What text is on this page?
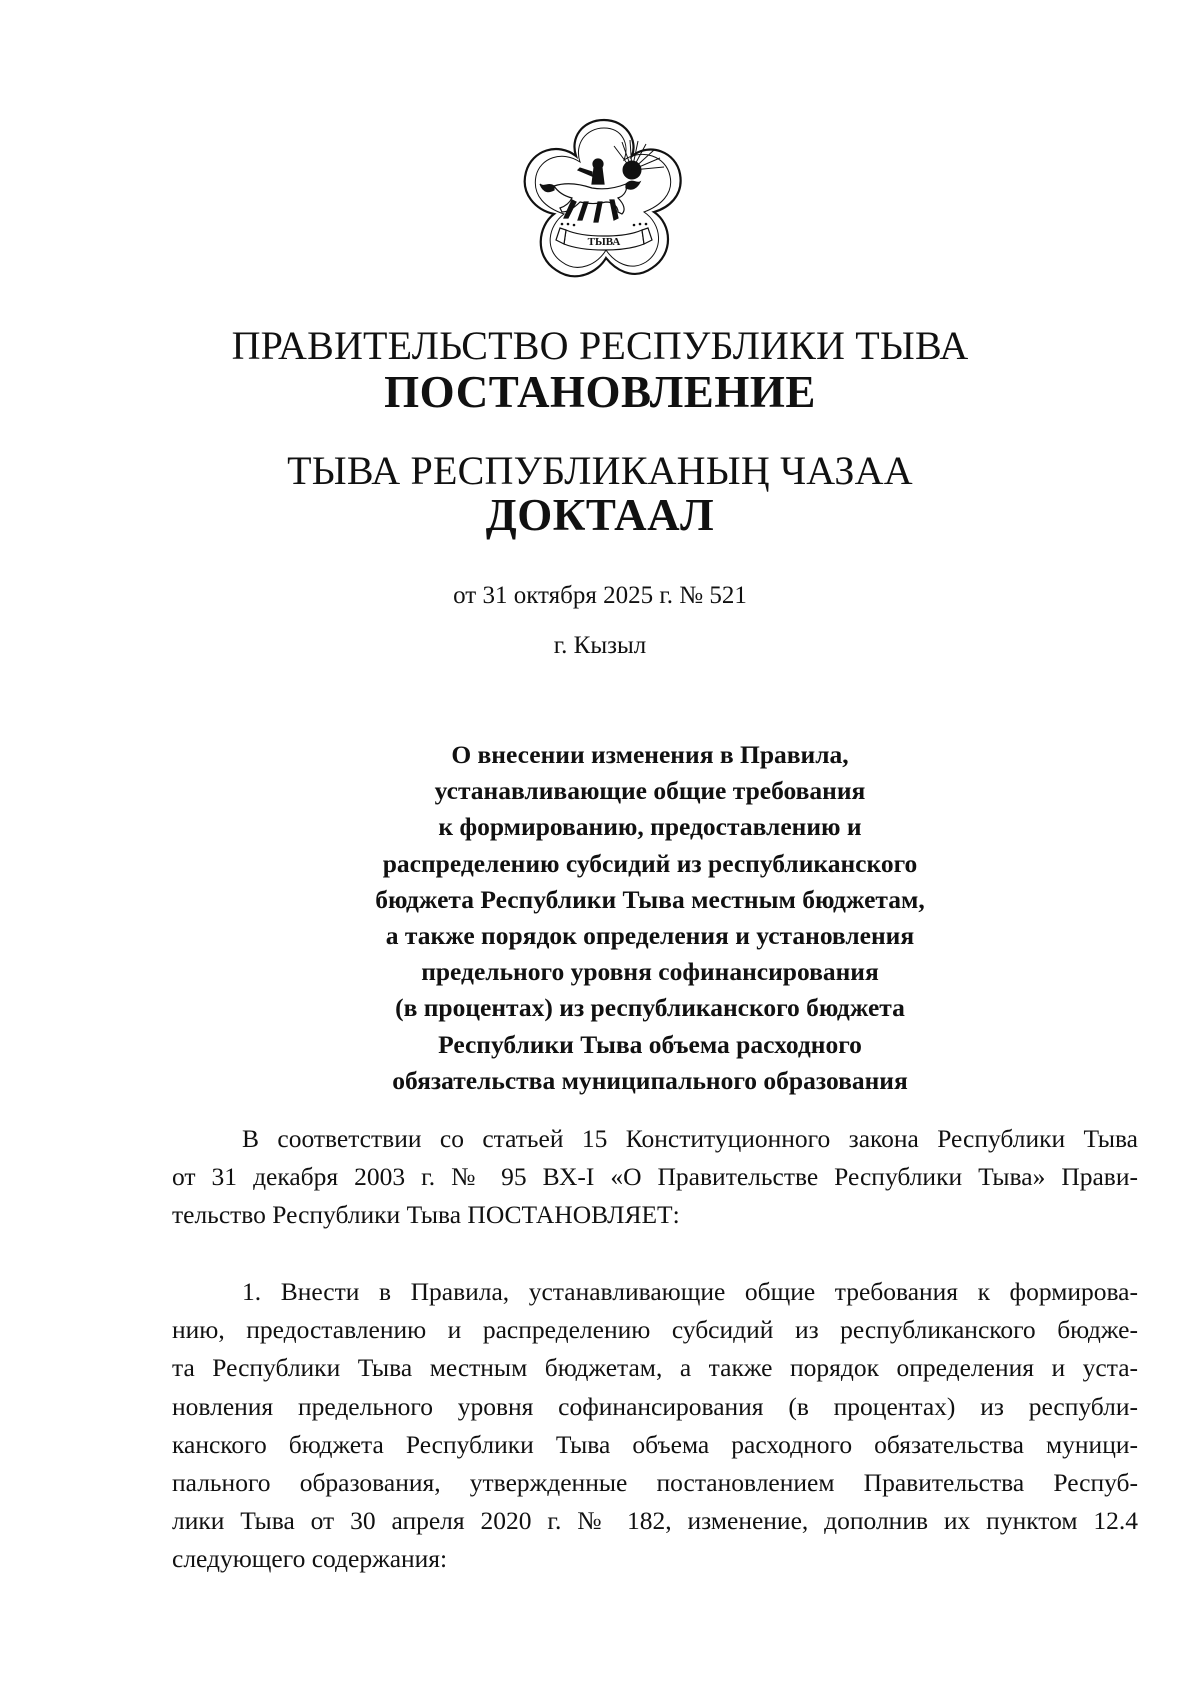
ТЫВА
ПРАВИТЕЛЬСТВО РЕСПУБЛИКИ ТЫВА
ПОСТАНОВЛЕНИЕ
ТЫВА РЕСПУБЛИКАНЫҢ ЧАЗАА
ДОКТААЛ
от 31 октября 2025 г. № 521
г. Кызыл
О внесении изменения в Правила,
устанавливающие общие требования
к формированию, предоставлению и
распределению субсидий из республиканского
бюджета Республики Тыва местным бюджетам,
а также порядок определения и установления
предельного уровня софинансирования
(в процентах) из республиканского бюджета
Республики Тыва объема расходного
обязательства муниципального образования
В соответствии со статьей 15 Конституционного закона Республики Тыва
от 31 декабря 2003 г. № 95 ВХ-I «О Правительстве Республики Тыва» Прави-
тельство Республики Тыва ПОСТАНОВЛЯЕТ:
1. Внести в Правила, устанавливающие общие требования к формирова-
нию, предоставлению и распределению субсидий из республиканского бюдже-
та Республики Тыва местным бюджетам, а также порядок определения и уста-
новления предельного уровня софинансирования (в процентах) из республи-
канского бюджета Республики Тыва объема расходного обязательства муници-
пального образования, утвержденные постановлением Правительства Респуб-
лики Тыва от 30 апреля 2020 г. № 182, изменение, дополнив их пунктом 12.4
следующего содержания:
